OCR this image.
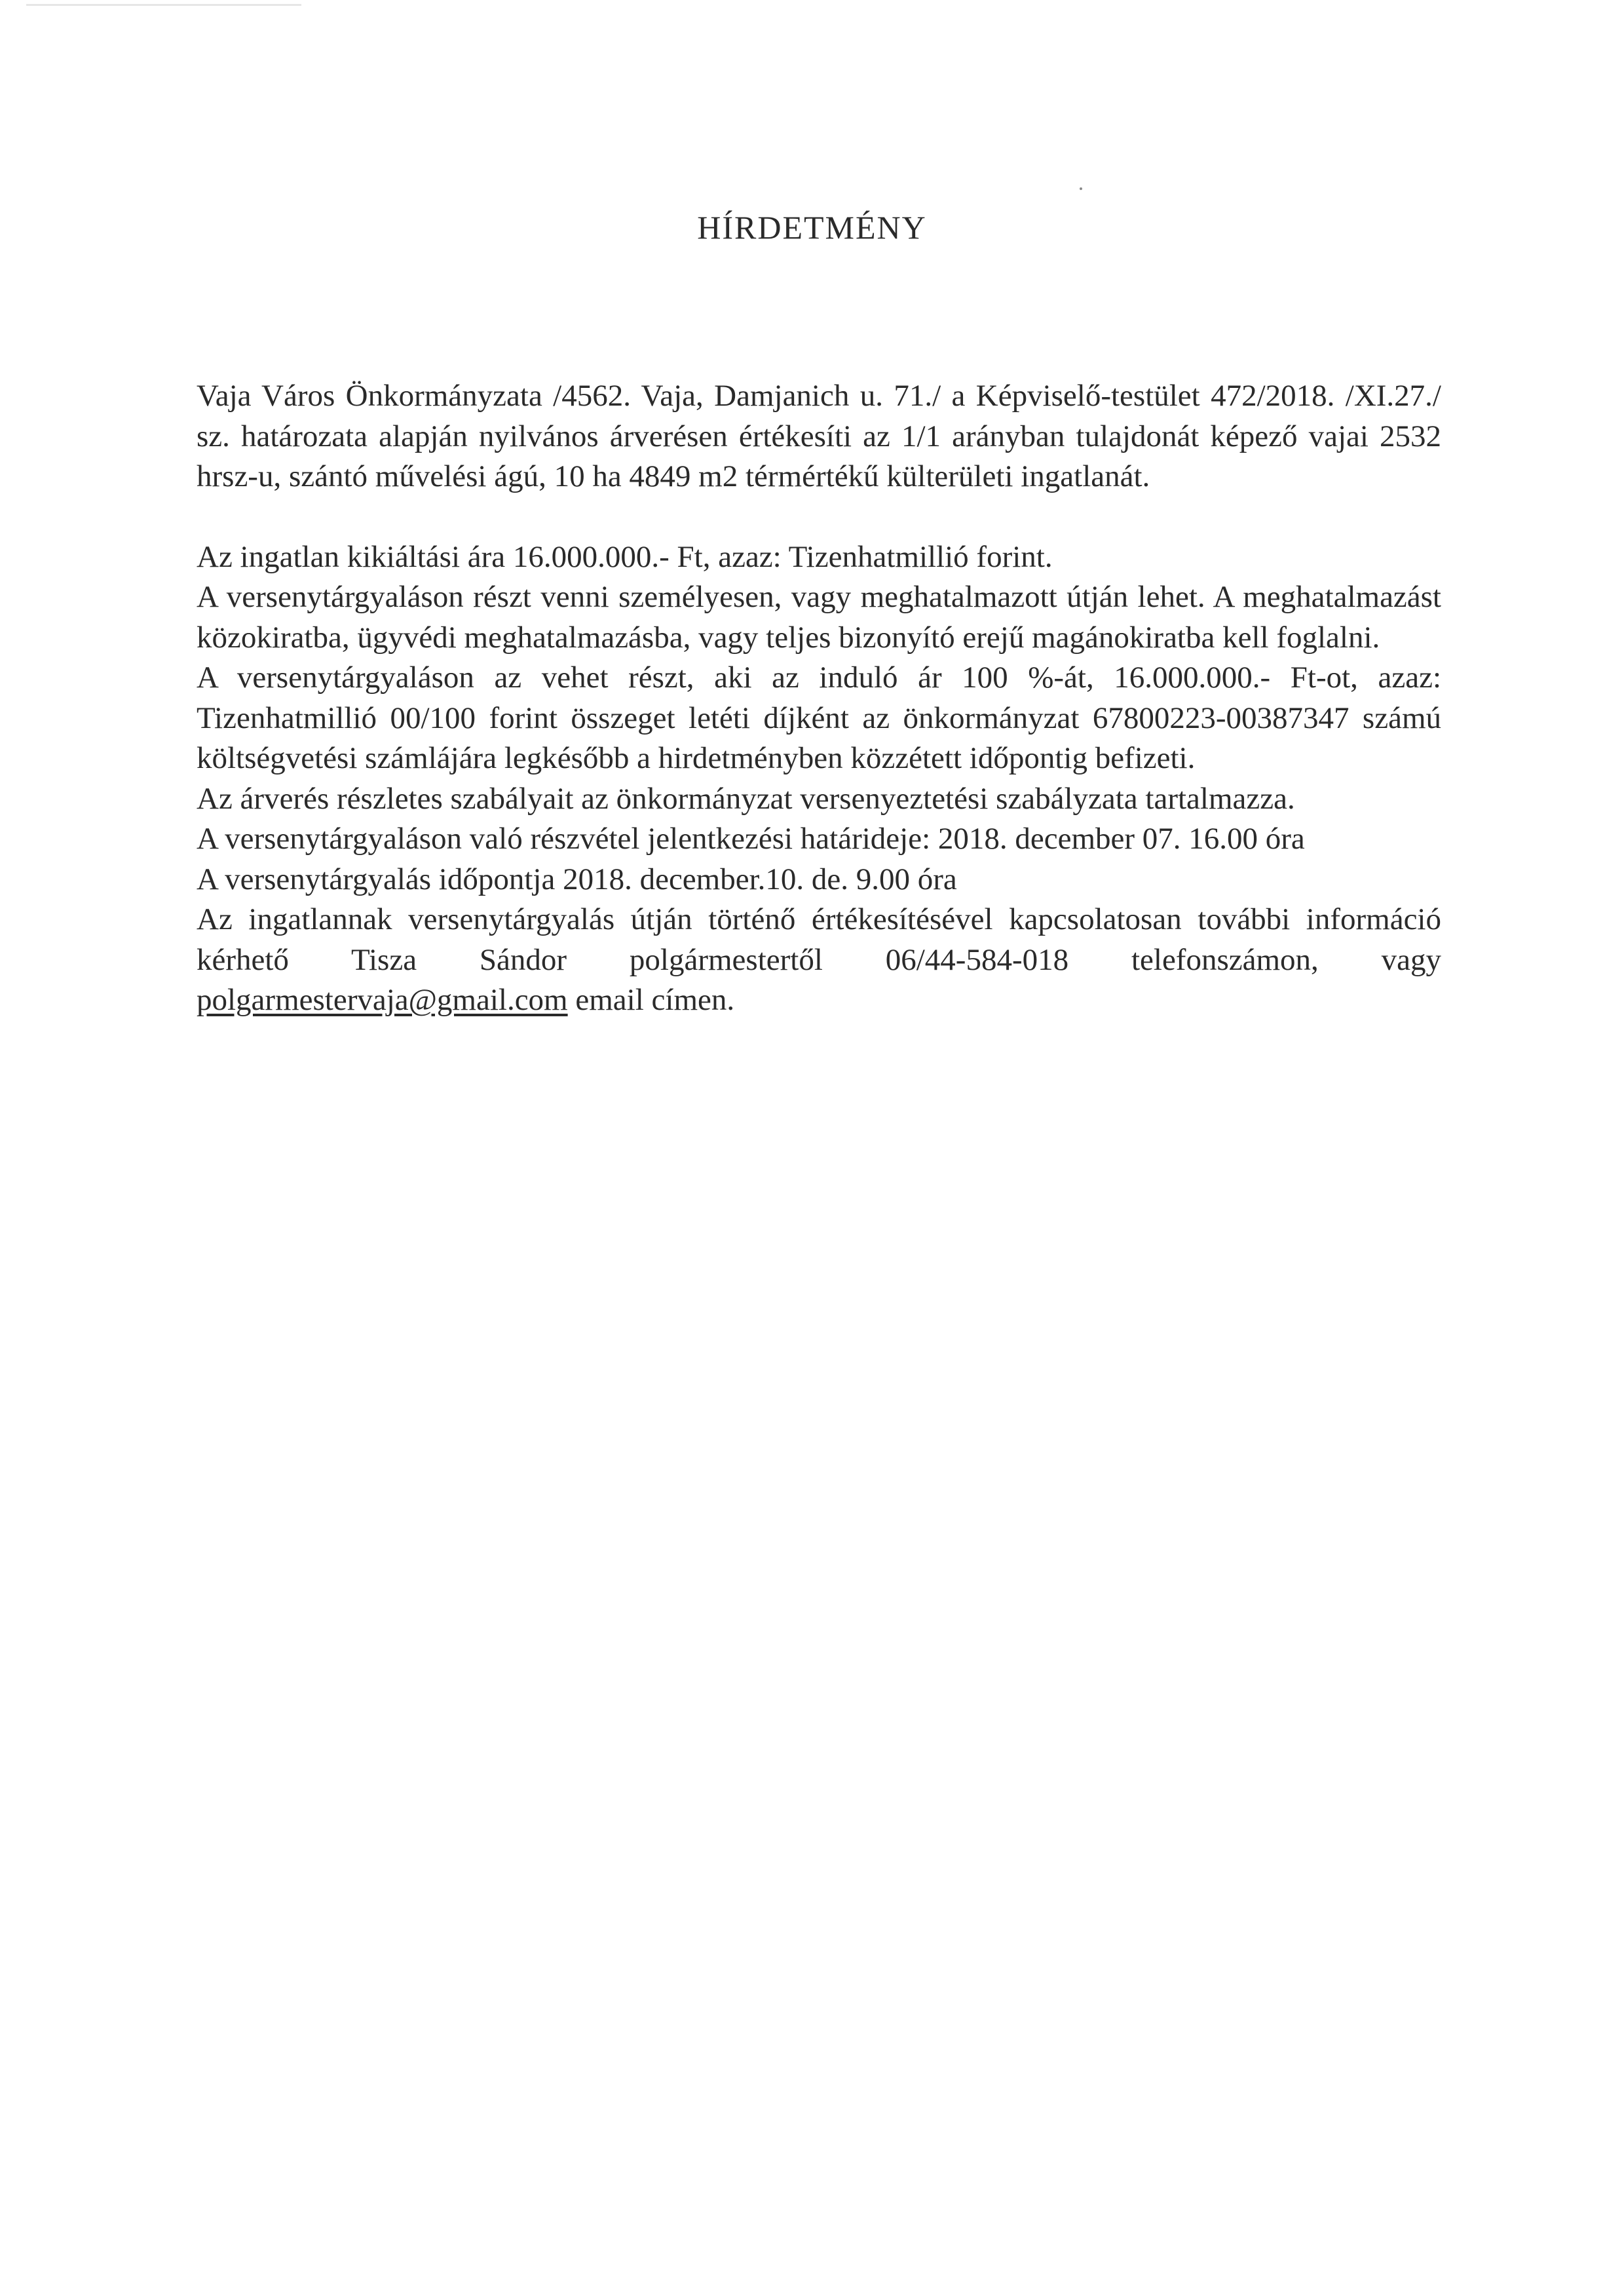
HÍRDETMÉNY

Vaja Város Önkormányzata /4562. Vaja, Damjanich u. 71./ a Képviselő-testület 472/2018. /XI.27./ sz. határozata alapján nyilvános árverésen értékesíti az 1/1 arányban tulajdonát képező vajai 2532 hrsz-u, szántó művelési ágú, 10 ha 4849 m2 térmértékű külterületi ingatlanát.

Az ingatlan kikiáltási ára 16.000.000.- Ft, azaz: Tizenhatmillió forint.

A versenytárgyaláson részt venni személyesen, vagy meghatalmazott útján lehet. A meghatalmazást közokiratba, ügyvédi meghatalmazásba, vagy teljes bizonyító erejű magánokiratba kell foglalni.

A versenytárgyaláson az vehet részt, aki az induló ár 100 %-át, 16.000.000.- Ft-ot, azaz: Tizenhatmillió 00/100 forint összeget letéti díjként az önkormányzat 67800223-00387347 számú költségvetési számlájára legkésőbb a hirdetményben közzétett időpontig befizeti.

Az árverés részletes szabályait az önkormányzat versenyeztetési szabályzata tartalmazza.

A versenytárgyaláson való részvétel jelentkezési határideje: 2018. december 07. 16.00 óra

A versenytárgyalás időpontja 2018. december.10. de. 9.00 óra

Az ingatlannak versenytárgyalás útján történő értékesítésével kapcsolatosan további információ kérhető Tisza Sándor polgármestertől 06/44-584-018 telefonszámon, vagy polgarmestervaja@gmail.com email címen.
